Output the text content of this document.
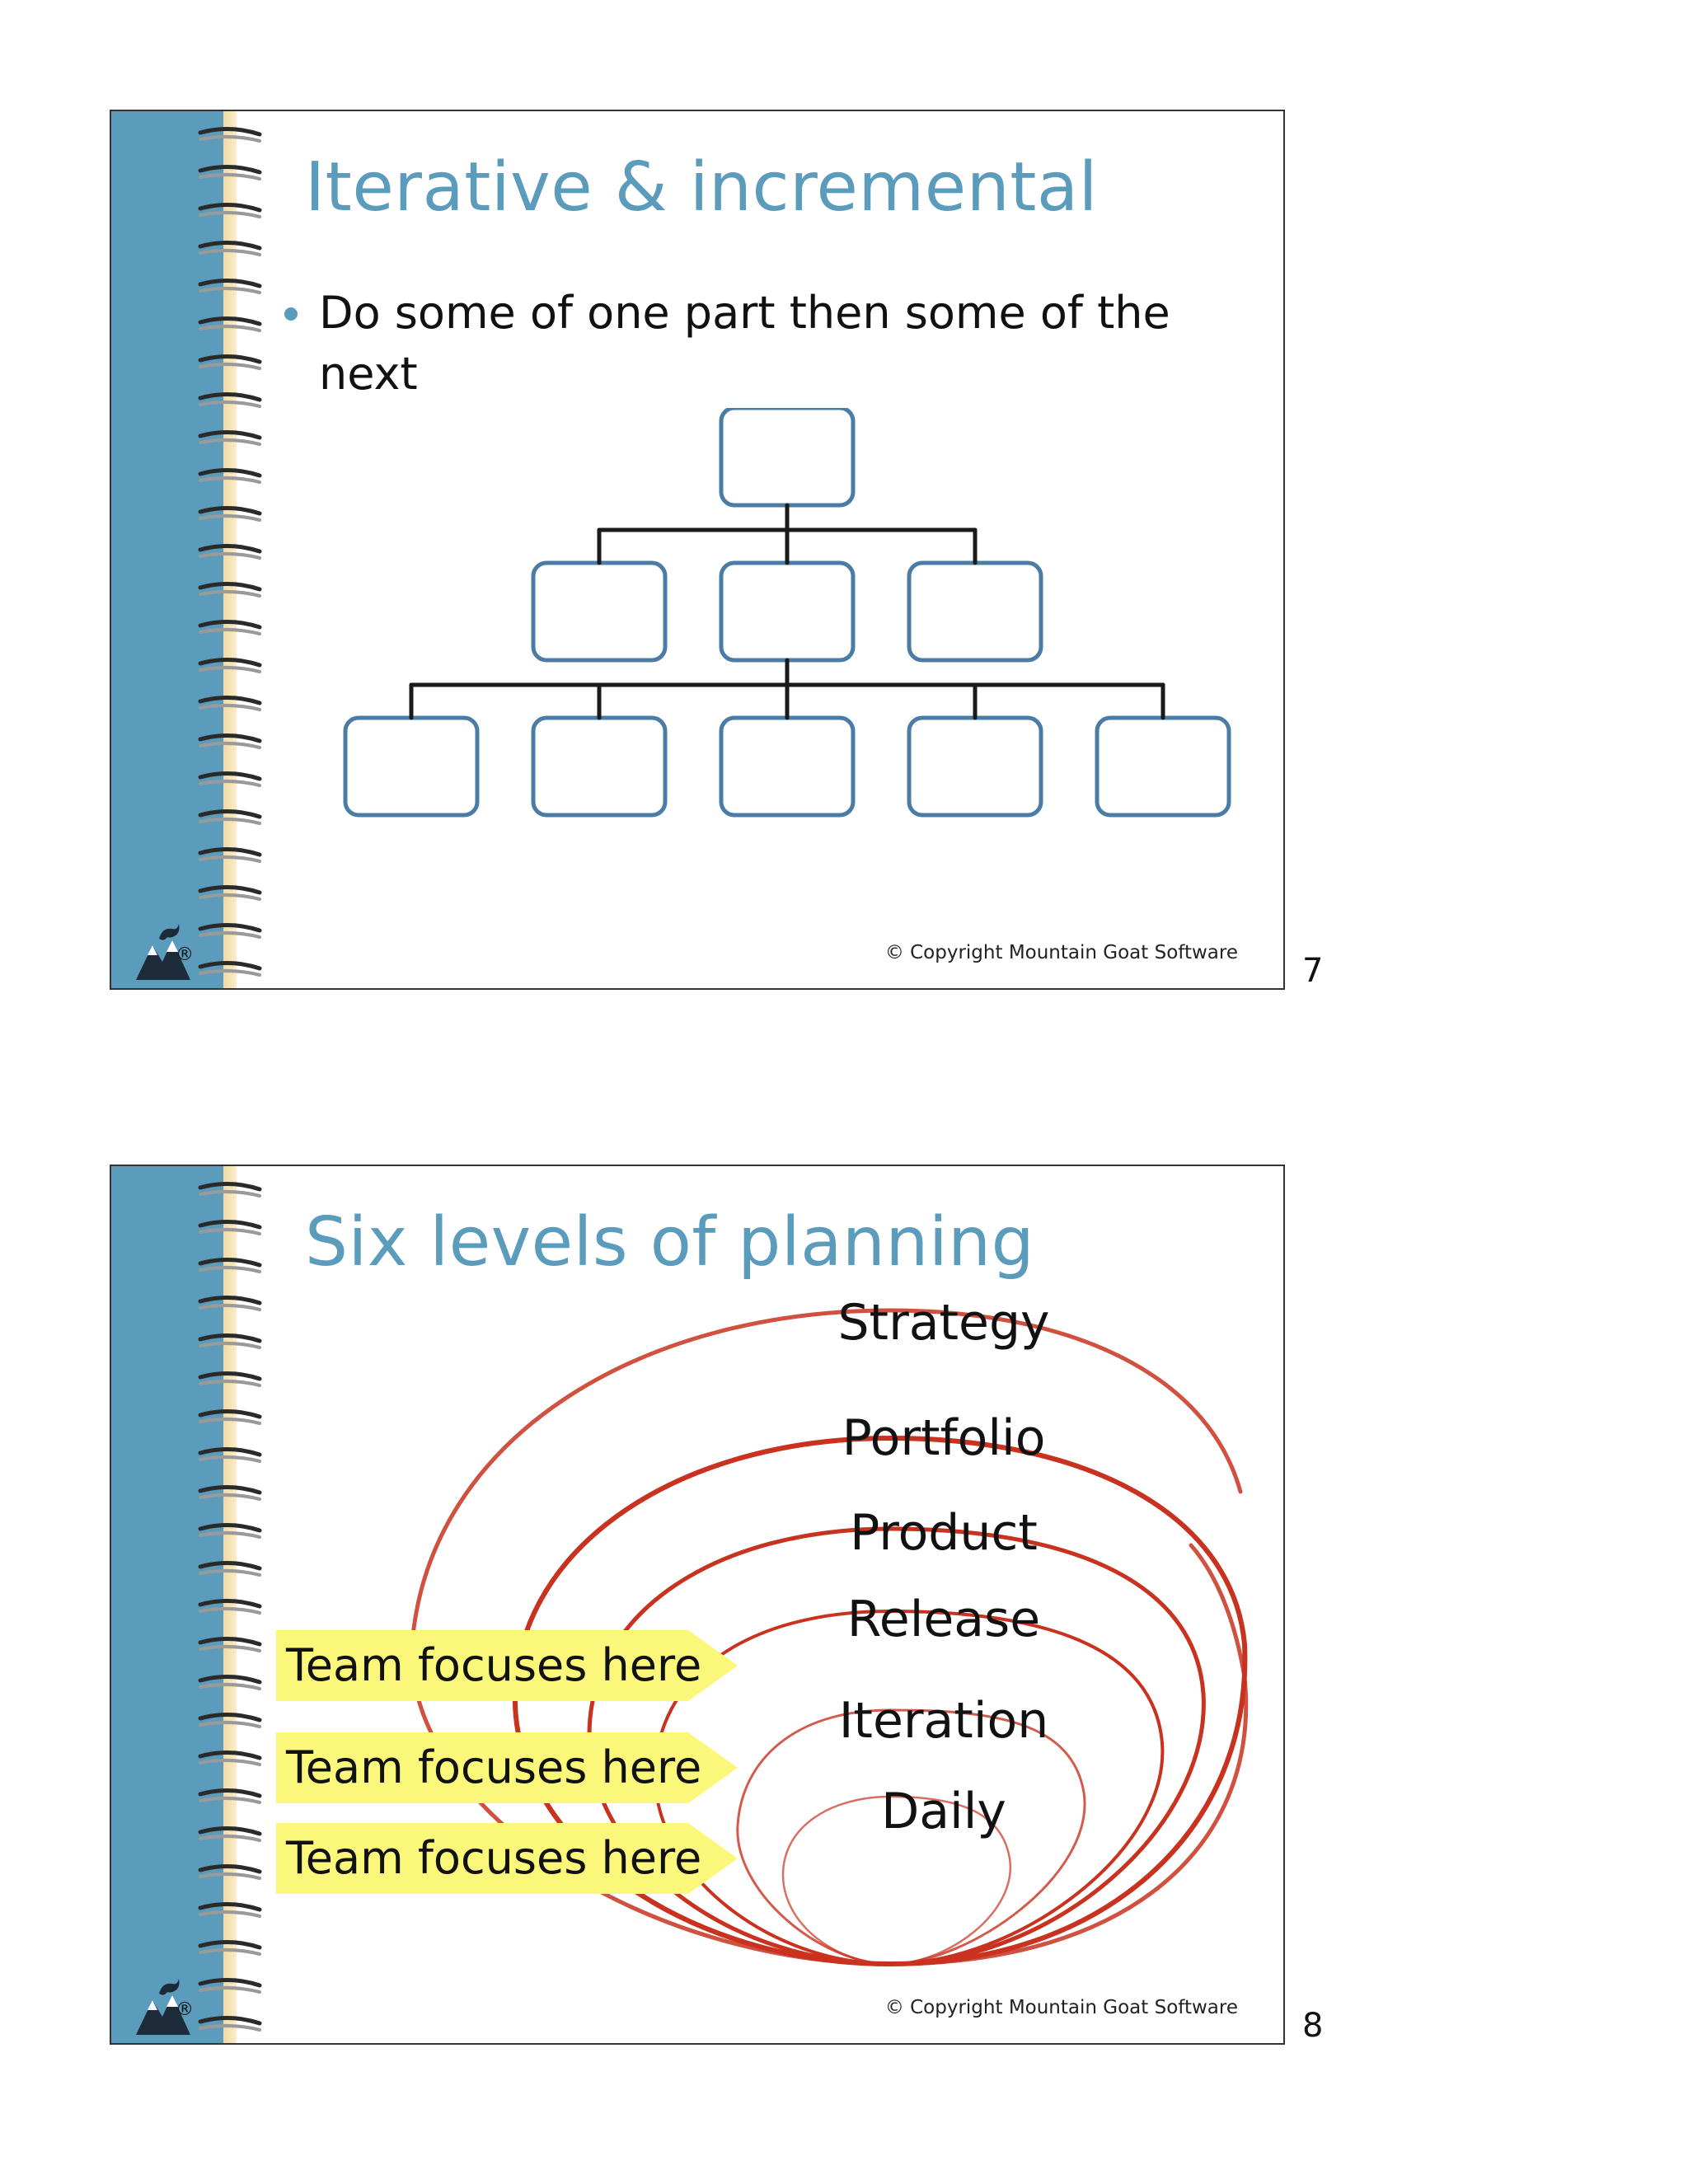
Iterative & incremental
Do some of one part then some of the next
®	© Copyright Mountain Goat Software 7
Six levels of planning
Strategy
Portfolio
Product
Release
Iteration
Daily
Team focuses here
Team focuses here
Team focuses here
®	© Copyright Mountain Goat Software 8
